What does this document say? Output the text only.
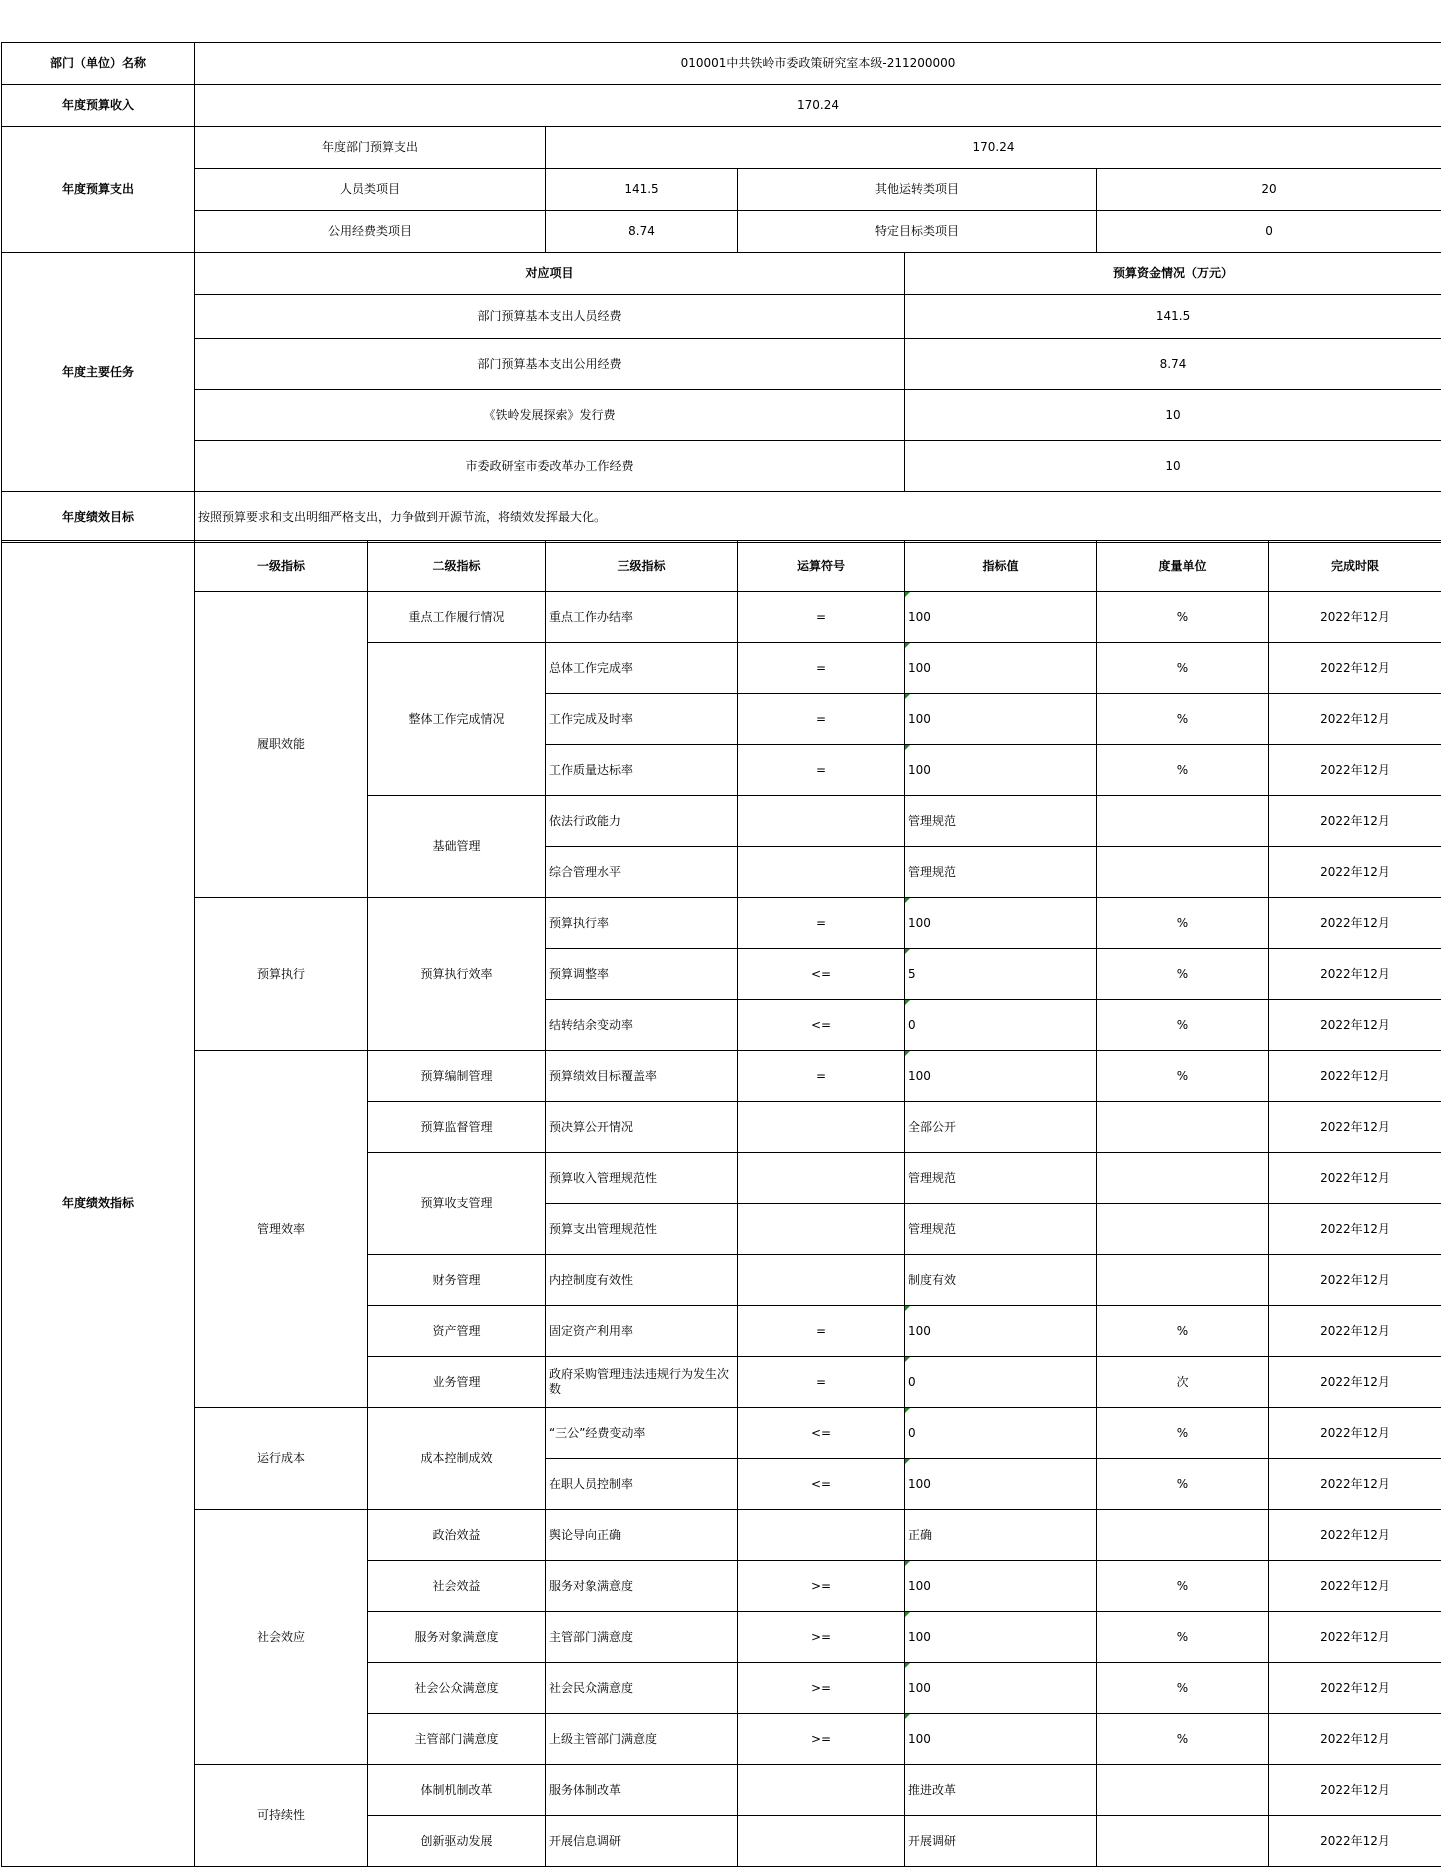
部门（单位）名称	010001中共铁岭市委政策研究室本级-211200000				
年度预算收入	170.24				
年度预算支出	年度部门预算支出	170.24			
	人员类项目	141.5	其他运转类项目		20
	公用经费类项目	8.74	特定目标类项目		0
年度主要任务	对应项目			预算资金情况（万元）	
	部门预算基本支出人员经费			141.5	
	部门预算基本支出公用经费			8.74	
	《铁岭发展探索》发行费			10	
	市委政研室市委改革办工作经费			10	
年度绩效目标	按照预算要求和支出明细严格支出，力争做到开源节流，将绩效发挥最大化。				
年度绩效指标	一级指标	二级指标	三级指标	运算符号	指标值	度量单位	完成时限
	履职效能	重点工作履行情况	重点工作办结率	=	100	%	2022年12月
		整体工作完成情况	总体工作完成率	=	100	%	2022年12月
			工作完成及时率	=	100	%	2022年12月
			工作质量达标率	=	100	%	2022年12月
		基础管理	依法行政能力		管理规范		2022年12月
			综合管理水平		管理规范		2022年12月
	预算执行	预算执行效率	预算执行率	=	100	%	2022年12月
			预算调整率	<=	5	%	2022年12月
			结转结余变动率	<=	0	%	2022年12月
	管理效率	预算编制管理	预算绩效目标覆盖率	=	100	%	2022年12月
		预算监督管理	预决算公开情况		全部公开		2022年12月
		预算收支管理	预算收入管理规范性		管理规范		2022年12月
			预算支出管理规范性		管理规范		2022年12月
		财务管理	内控制度有效性		制度有效		2022年12月
		资产管理	固定资产利用率	=	100	%	2022年12月
		业务管理	政府采购管理违法违规行为发生次数	=	0	次	2022年12月
	运行成本	成本控制成效	“三公”经费变动率	<=	0	%	2022年12月
			在职人员控制率	<=	100	%	2022年12月
	社会效应	政治效益	舆论导向正确		正确		2022年12月
		社会效益	服务对象满意度	>=	100	%	2022年12月
		服务对象满意度	主管部门满意度	>=	100	%	2022年12月
		社会公众满意度	社会民众满意度	>=	100	%	2022年12月
		主管部门满意度	上级主管部门满意度	>=	100	%	2022年12月
	可持续性	体制机制改革	服务体制改革		推进改革		2022年12月
		创新驱动发展	开展信息调研		开展调研		2022年12月
